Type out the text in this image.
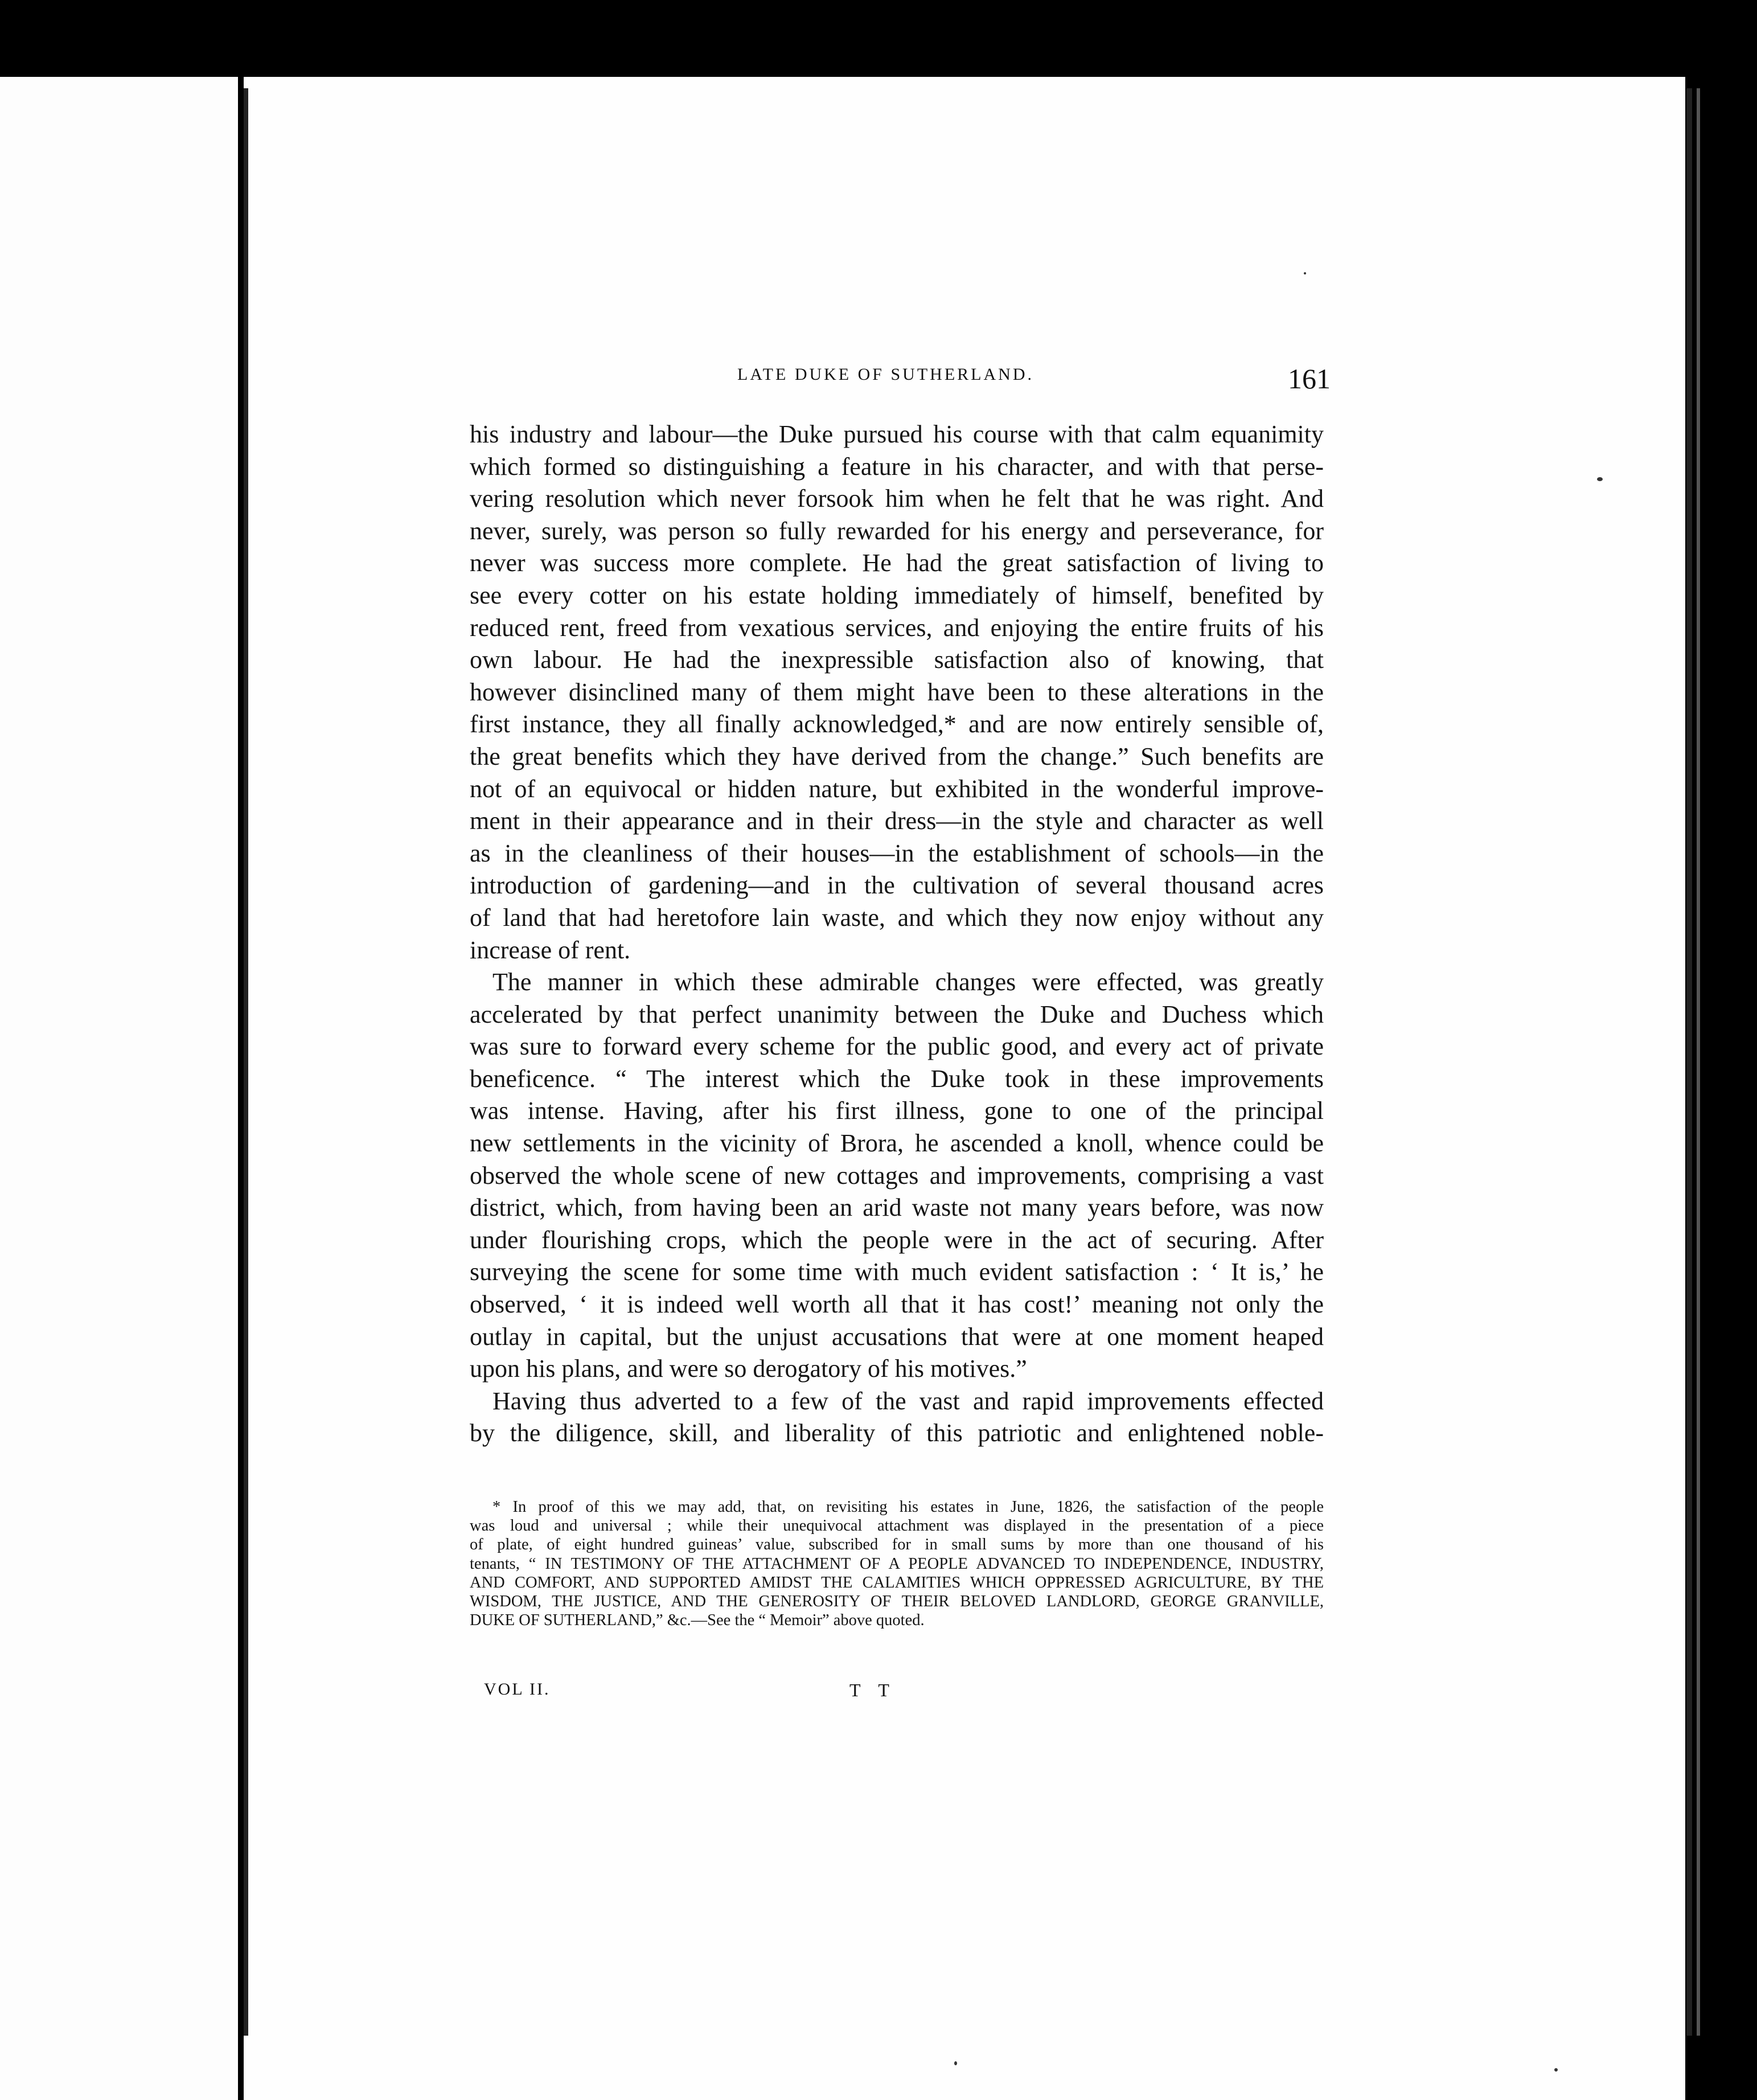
LATE DUKE OF SUTHERLAND.	161
his industry and labour—the Duke pursued his course with that calm equanimity
which formed so distinguishing a feature in his character, and with that perse-
vering resolution which never forsook him when he felt that he was right. And
never, surely, was person so fully rewarded for his energy and perseverance, for
never was success more complete. He had the great satisfaction of living to
see every cotter on his estate holding immediately of himself, benefited by
reduced rent, freed from vexatious services, and enjoying the entire fruits of his
own labour. He had the inexpressible satisfaction also of knowing, that
however disinclined many of them might have been to these alterations in the
first instance, they all finally acknowledged,* and are now entirely sensible of,
the great benefits which they have derived from the change.” Such benefits are
not of an equivocal or hidden nature, but exhibited in the wonderful improve-
ment in their appearance and in their dress—in the style and character as well
as in the cleanliness of their houses—in the establishment of schools—in the
introduction of gardening—and in the cultivation of several thousand acres
of land that had heretofore lain waste, and which they now enjoy without any
increase of rent.
The manner in which these admirable changes were effected, was greatly
accelerated by that perfect unanimity between the Duke and Duchess which
was sure to forward every scheme for the public good, and every act of private
beneficence. “ The interest which the Duke took in these improvements
was intense. Having, after his first illness, gone to one of the principal
new settlements in the vicinity of Brora, he ascended a knoll, whence could be
observed the whole scene of new cottages and improvements, comprising a vast
district, which, from having been an arid waste not many years before, was now
under flourishing crops, which the people were in the act of securing. After
surveying the scene for some time with much evident satisfaction : ‘ It is,’ he
observed, ‘ it is indeed well worth all that it has cost!’ meaning not only the
outlay in capital, but the unjust accusations that were at one moment heaped
upon his plans, and were so derogatory of his motives.”
Having thus adverted to a few of the vast and rapid improvements effected
by the diligence, skill, and liberality of this patriotic and enlightened noble-
* In proof of this we may add, that, on revisiting his estates in June, 1826, the satisfaction of the people
was loud and universal ; while their unequivocal attachment was displayed in the presentation of a piece
of plate, of eight hundred guineas’ value, subscribed for in small sums by more than one thousand of his
tenants, “ IN TESTIMONY OF THE ATTACHMENT OF A PEOPLE ADVANCED TO INDEPENDENCE, INDUSTRY,
AND COMFORT, AND SUPPORTED AMIDST THE CALAMITIES WHICH OPPRESSED AGRICULTURE, BY THE
WISDOM, THE JUSTICE, AND THE GENEROSITY OF THEIR BELOVED LANDLORD, GEORGE GRANVILLE,
DUKE OF SUTHERLAND,” &c.—See the “ Memoir” above quoted.
VOL II.	T T
